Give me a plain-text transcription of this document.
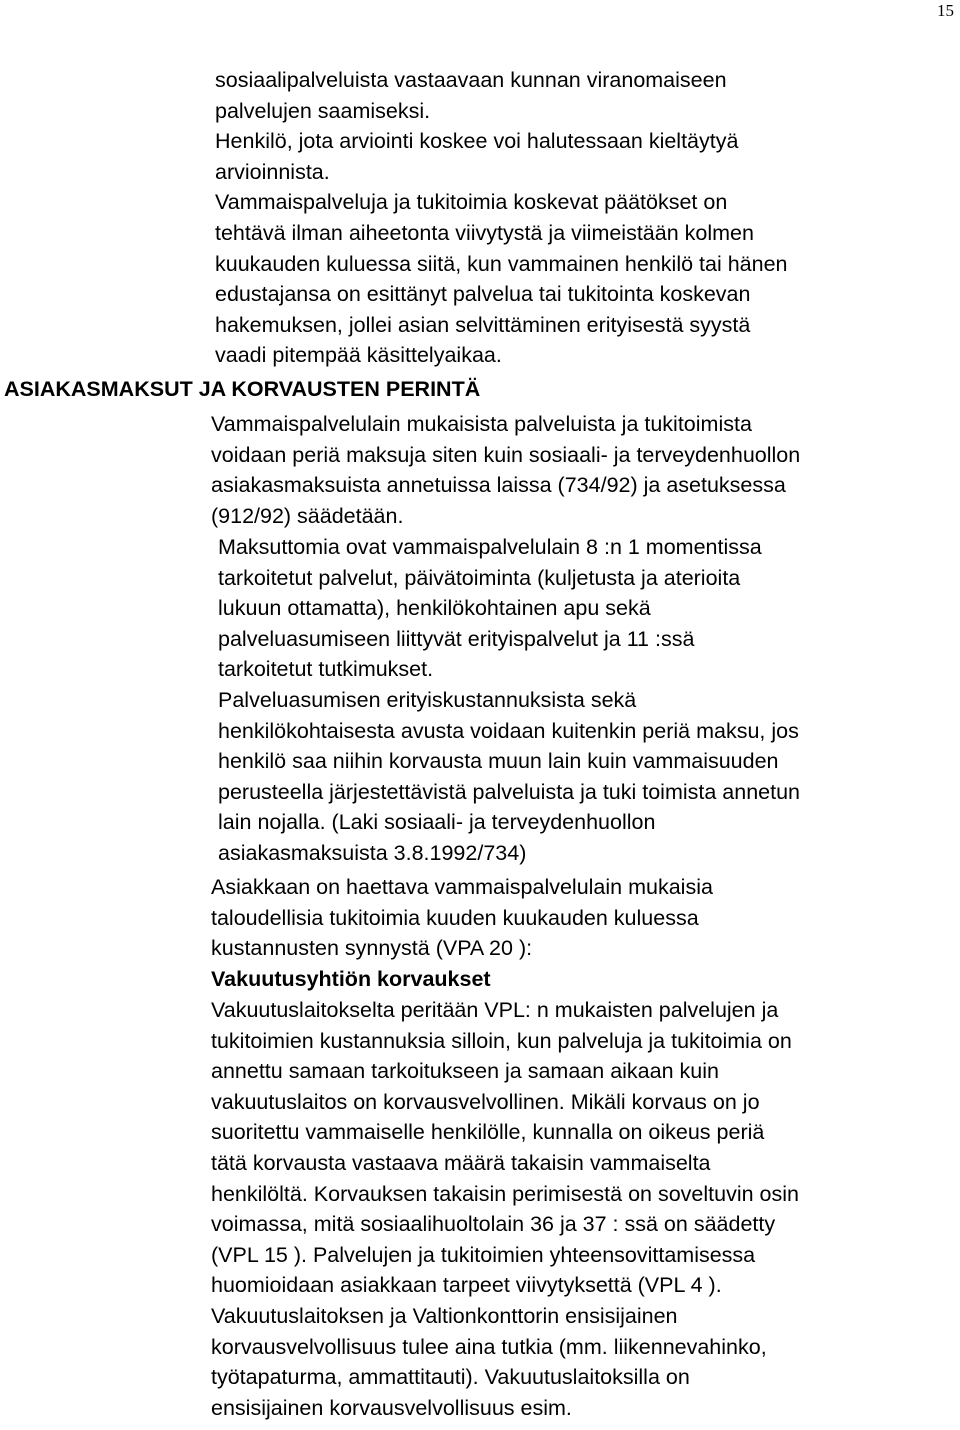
15
sosiaalipalveluista vastaavaan kunnan viranomaiseen
palvelujen saamiseksi.
Henkilö, jota arviointi koskee voi halutessaan kieltäytyä
arvioinnista.
Vammaispalveluja ja tukitoimia koskevat päätökset on
tehtävä ilman aiheetonta viivytystä ja viimeistään kolmen
kuukauden kuluessa siitä, kun vammainen henkilö tai hänen
edustajansa on esittänyt palvelua tai tukitointa koskevan
hakemuksen, jollei asian selvittäminen erityisestä syystä
vaadi pitempää käsittelyaikaa.
ASIAKASMAKSUT JA KORVAUSTEN PERINTÄ
Vammaispalvelulain mukaisista palveluista ja tukitoimista
voidaan periä maksuja siten kuin sosiaali- ja terveydenhuollon
asiakasmaksuista annetuissa laissa (734/92) ja asetuksessa
(912/92) säädetään.
Maksuttomia ovat vammaispalvelulain 8 :n 1 momentissa
tarkoitetut palvelut, päivätoiminta (kuljetusta ja aterioita
lukuun ottamatta), henkilökohtainen apu sekä
palveluasumiseen liittyvät erityispalvelut ja 11 :ssä
tarkoitetut tutkimukset.
Palveluasumisen erityiskustannuksista sekä
henkilökohtaisesta avusta voidaan kuitenkin periä maksu, jos
henkilö saa niihin korvausta muun lain kuin vammaisuuden
perusteella järjestettävistä palveluista ja tuki toimista annetun
lain nojalla. (Laki sosiaali- ja terveydenhuollon
asiakasmaksuista 3.8.1992/734)
Asiakkaan on haettava vammaispalvelulain mukaisia
taloudellisia tukitoimia kuuden kuukauden kuluessa
kustannusten synnystä (VPA 20 ):
Vakuutusyhtiön korvaukset
Vakuutuslaitokselta peritään VPL: n mukaisten palvelujen ja
tukitoimien kustannuksia silloin, kun palveluja ja tukitoimia on
annettu samaan tarkoitukseen ja samaan aikaan kuin
vakuutuslaitos on korvausvelvollinen. Mikäli korvaus on jo
suoritettu vammaiselle henkilölle, kunnalla on oikeus periä
tätä korvausta vastaava määrä takaisin vammaiselta
henkilöltä. Korvauksen takaisin perimisestä on soveltuvin osin
voimassa, mitä sosiaalihuoltolain 36 ja 37 : ssä on säädetty
(VPL 15 ). Palvelujen ja tukitoimien yhteensovittamisessa
huomioidaan asiakkaan tarpeet viivytyksettä (VPL 4 ).
Vakuutuslaitoksen ja Valtionkonttorin ensisijainen
korvausvelvollisuus tulee aina tutkia (mm. liikennevahinko,
työtapaturma, ammattitauti). Vakuutuslaitoksilla on
ensisijainen korvausvelvollisuus esim.
